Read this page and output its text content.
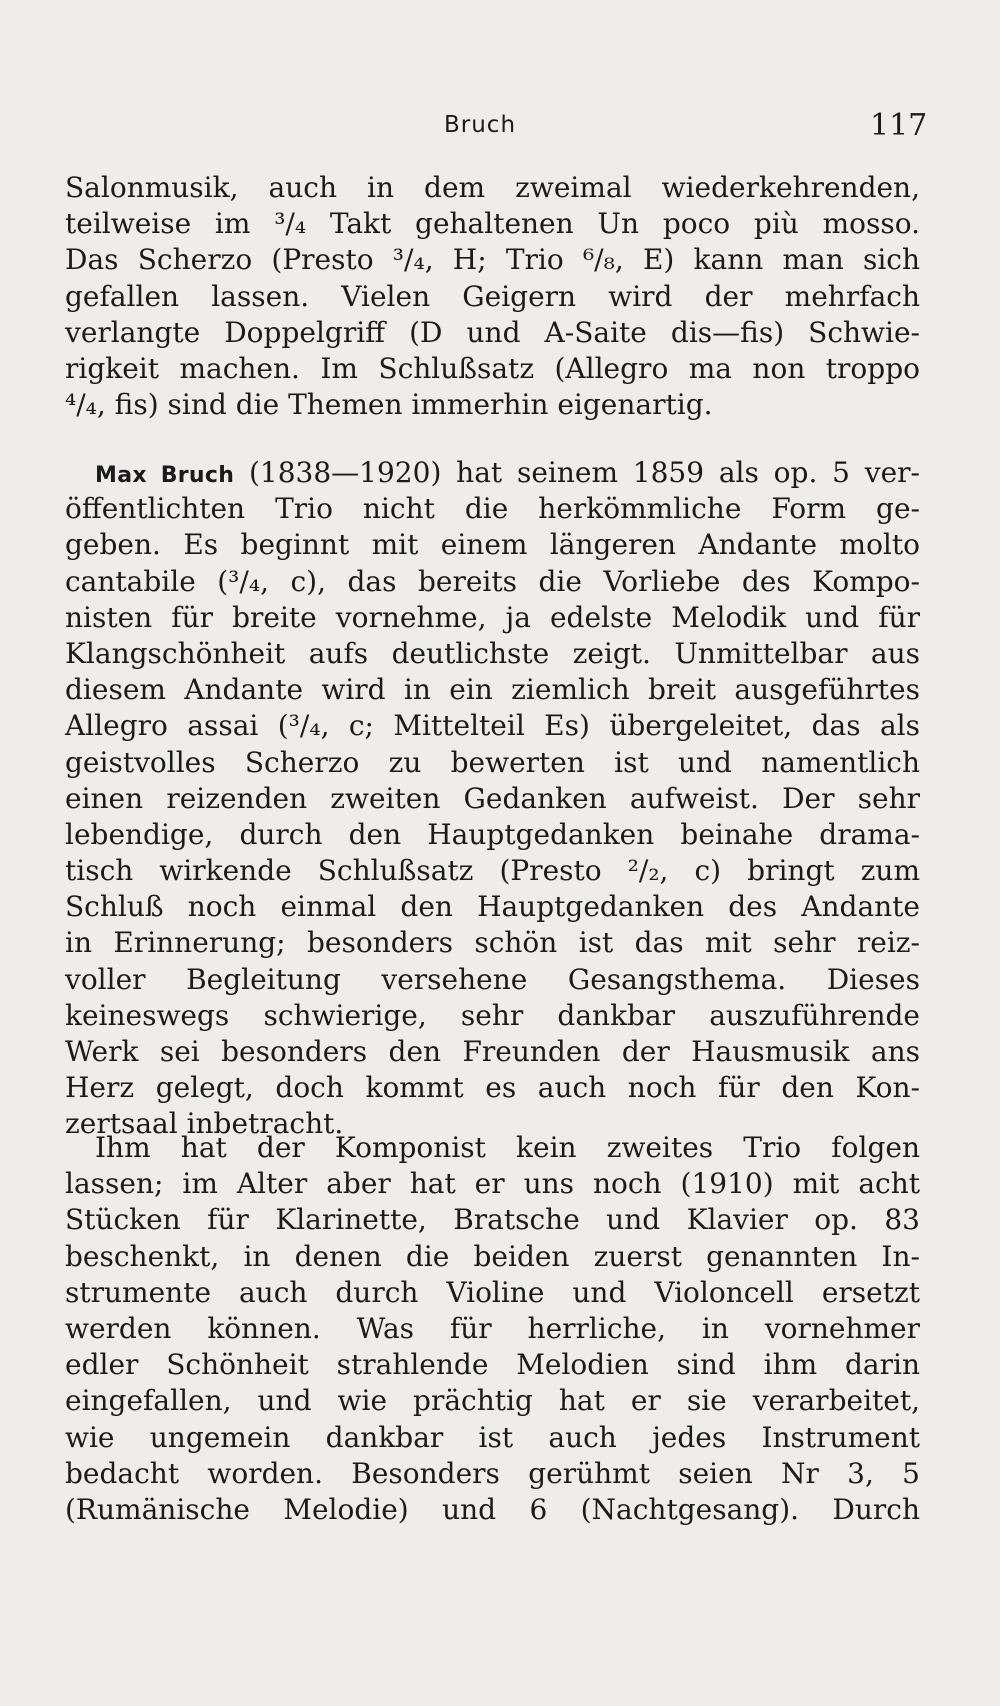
Bruch	117
Salonmusik, auch in dem zweimal wiederkehrenden,
teilweise im ³/₄ Takt gehaltenen Un poco più mosso.
Das Scherzo (Presto ³/₄, H; Trio ⁶/₈, E) kann man sich
gefallen lassen. Vielen Geigern wird der mehrfach
verlangte Doppelgriff (D und A-Saite dis—fis) Schwie-
rigkeit machen. Im Schlußsatz (Allegro ma non troppo
⁴/₄, fis) sind die Themen immerhin eigenartig.
Max Bruch (1838—1920) hat seinem 1859 als op. 5 ver-
öffentlichten Trio nicht die herkömmliche Form ge-
geben. Es beginnt mit einem längeren Andante molto
cantabile (³/₄, c), das bereits die Vorliebe des Kompo-
nisten für breite vornehme, ja edelste Melodik und für
Klangschönheit aufs deutlichste zeigt. Unmittelbar aus
diesem Andante wird in ein ziemlich breit ausgeführtes
Allegro assai (³/₄, c; Mittelteil Es) übergeleitet, das als
geistvolles Scherzo zu bewerten ist und namentlich
einen reizenden zweiten Gedanken aufweist. Der sehr
lebendige, durch den Hauptgedanken beinahe drama-
tisch wirkende Schlußsatz (Presto ²/₂, c) bringt zum
Schluß noch einmal den Hauptgedanken des Andante
in Erinnerung; besonders schön ist das mit sehr reiz-
voller Begleitung versehene Gesangsthema. Dieses
keineswegs schwierige, sehr dankbar auszuführende
Werk sei besonders den Freunden der Hausmusik ans
Herz gelegt, doch kommt es auch noch für den Kon-
zertsaal inbetracht.
Ihm hat der Komponist kein zweites Trio folgen
lassen; im Alter aber hat er uns noch (1910) mit acht
Stücken für Klarinette, Bratsche und Klavier op. 83
beschenkt, in denen die beiden zuerst genannten In-
strumente auch durch Violine und Violoncell ersetzt
werden können. Was für herrliche, in vornehmer
edler Schönheit strahlende Melodien sind ihm darin
eingefallen, und wie prächtig hat er sie verarbeitet,
wie ungemein dankbar ist auch jedes Instrument
bedacht worden. Besonders gerühmt seien Nr 3, 5
(Rumänische Melodie) und 6 (Nachtgesang). Durch
